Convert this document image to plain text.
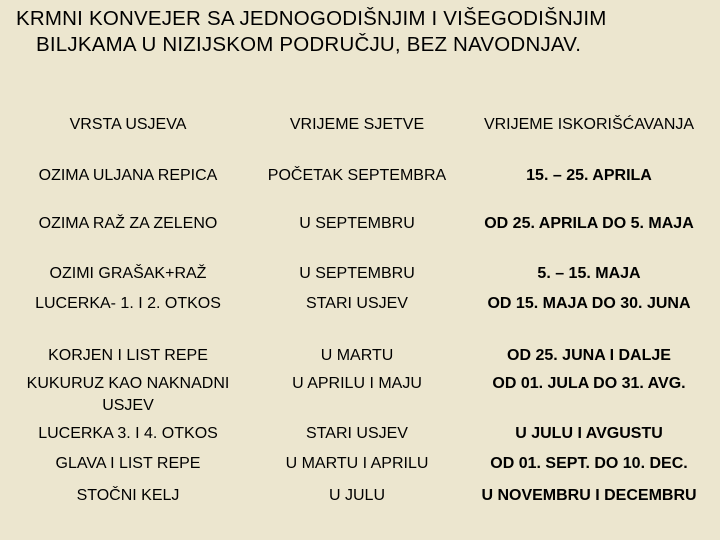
KRMNI KONVEJER SA JEDNOGODIŠNJIM I VIŠEGODIŠNJIM
BILJKAMA U NIZIJSKOM PODRUČJU, BEZ NAVODNJAV.
VRSTA USJEVA	VRIJEME SJETVE	VRIJEME ISKORIŠĆAVANJA
OZIMA ULJANA REPICA	POČETAK SEPTEMBRA	15. – 25. APRILA
OZIMA RAŽ ZA ZELENO	U SEPTEMBRU	OD 25. APRILA DO 5. MAJA
OZIMI GRAŠAK+RAŽ	U SEPTEMBRU	5. – 15. MAJA
LUCERKA- 1. I 2. OTKOS	STARI USJEV	OD 15. MAJA DO 30. JUNA
KORJEN I LIST REPE	U MARTU	OD 25. JUNA I DALJE
KUKURUZ KAO NAKNADNI USJEV	U APRILU I MAJU	OD 01. JULA DO 31. AVG.
LUCERKA 3. I 4. OTKOS	STARI USJEV	U JULU I AVGUSTU
GLAVA I LIST REPE	U MARTU I APRILU	OD 01. SEPT. DO 10. DEC.
STOČNI KELJ	U JULU	U NOVEMBRU I DECEMBRU
